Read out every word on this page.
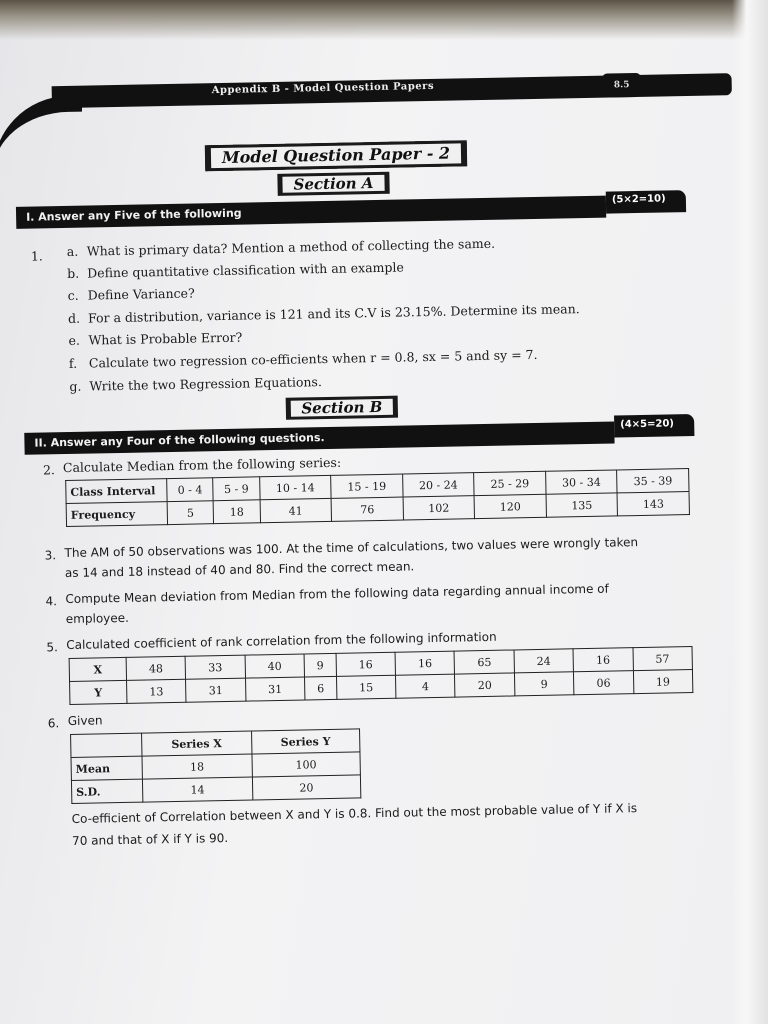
Appendix B - Model Question Papers	8.5
Model Question Paper - 2
Section A
I. Answer any Five of the following
(5×2=10)
1. a. What is primary data? Mention a method of collecting the same.
b. Define quantitative classification with an example
c. Define Variance?
d. For a distribution, variance is 121 and its C.V is 23.15%. Determine its mean.
e. What is Probable Error?
f. Calculate two regression co-efficients when r = 0.8, sx = 5 and sy = 7.
g. Write the two Regression Equations.
Section B
II. Answer any Four of the following questions.
(4×5=20)
2. Calculate Median from the following series:
Class Interval	0 - 4	5 - 9	10 - 14	15 - 19	20 - 24	25 - 29	30 - 34	35 - 39
Frequency	5	18	41	76	102	120	135	143
3. The AM of 50 observations was 100. At the time of calculations, two values were wrongly taken
as 14 and 18 instead of 40 and 80. Find the correct mean.
4. Compute Mean deviation from Median from the following data regarding annual income of
employee.
5. Calculated coefficient of rank correlation from the following information
X	48	33	40	9	16	16	65	24	16	57
Y	13	31	31	6	15	4	20	9	06	19
6. Given
	Series X	Series Y
Mean	18	100
S.D.	14	20
Co-efficient of Correlation between X and Y is 0.8. Find out the most probable value of Y if X is
70 and that of X if Y is 90.
